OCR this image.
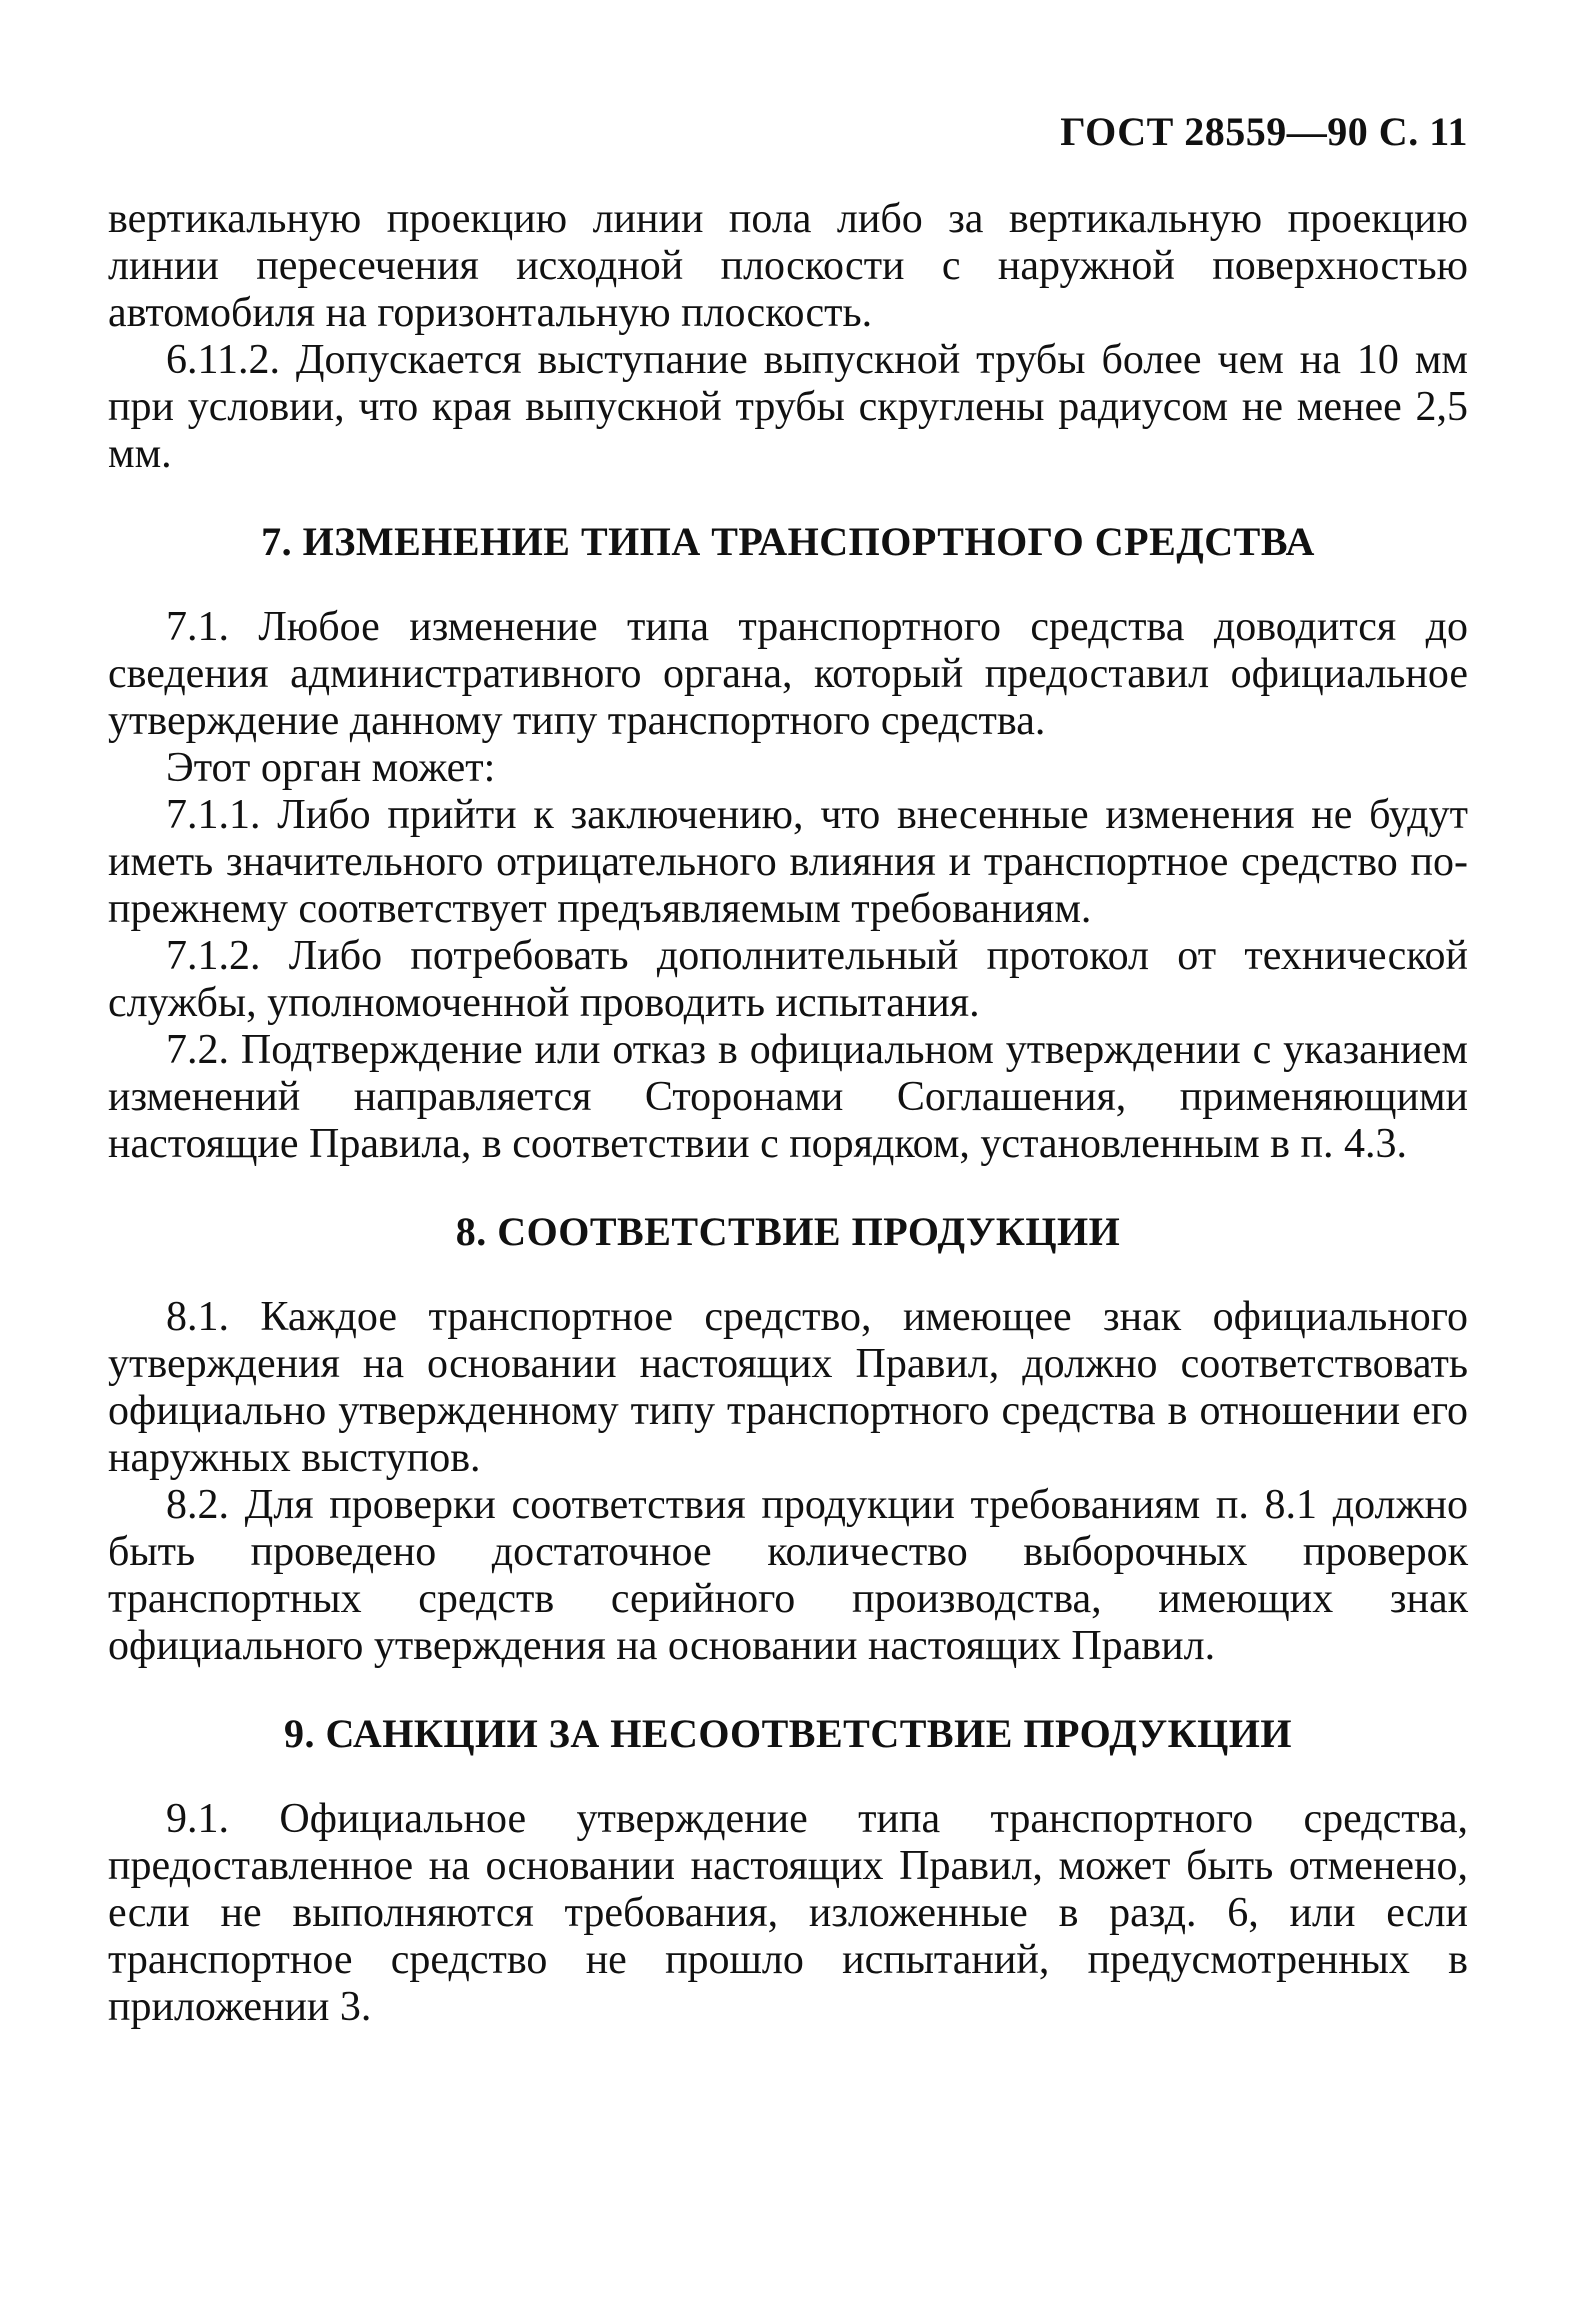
ГОСТ 28559—90 С. 11

вертикальную проекцию линии пола либо за вертикальную проекцию линии пересечения исходной плоскости с наружной поверхностью автомобиля на горизонтальную плоскость.

6.11.2. Допускается выступание выпускной трубы более чем на 10 мм при условии, что края выпускной трубы скруглены радиусом не менее 2,5 мм.

7. ИЗМЕНЕНИЕ ТИПА ТРАНСПОРТНОГО СРЕДСТВА

7.1. Любое изменение типа транспортного средства доводится до сведения административного органа, который предоставил официальное утверждение данному типу транспортного средства.

Этот орган может:

7.1.1. Либо прийти к заключению, что внесенные изменения не будут иметь значительного отрицательного влияния и транспортное средство по-прежнему соответствует предъявляемым требованиям.

7.1.2. Либо потребовать дополнительный протокол от технической службы, уполномоченной проводить испытания.

7.2. Подтверждение или отказ в официальном утверждении с указанием изменений направляется Сторонами Соглашения, применяющими настоящие Правила, в соответствии с порядком, установленным в п. 4.3.

8. СООТВЕТСТВИЕ ПРОДУКЦИИ

8.1. Каждое транспортное средство, имеющее знак официального утверждения на основании настоящих Правил, должно соответствовать официально утвержденному типу транспортного средства в отношении его наружных выступов.

8.2. Для проверки соответствия продукции требованиям п. 8.1 должно быть проведено достаточное количество выборочных проверок транспортных средств серийного производства, имеющих знак официального утверждения на основании настоящих Правил.

9. САНКЦИИ ЗА НЕСООТВЕТСТВИЕ ПРОДУКЦИИ

9.1. Официальное утверждение типа транспортного средства, предоставленное на основании настоящих Правил, может быть отменено, если не выполняются требования, изложенные в разд. 6, или если транспортное средство не прошло испытаний, предусмотренных в приложении 3.
